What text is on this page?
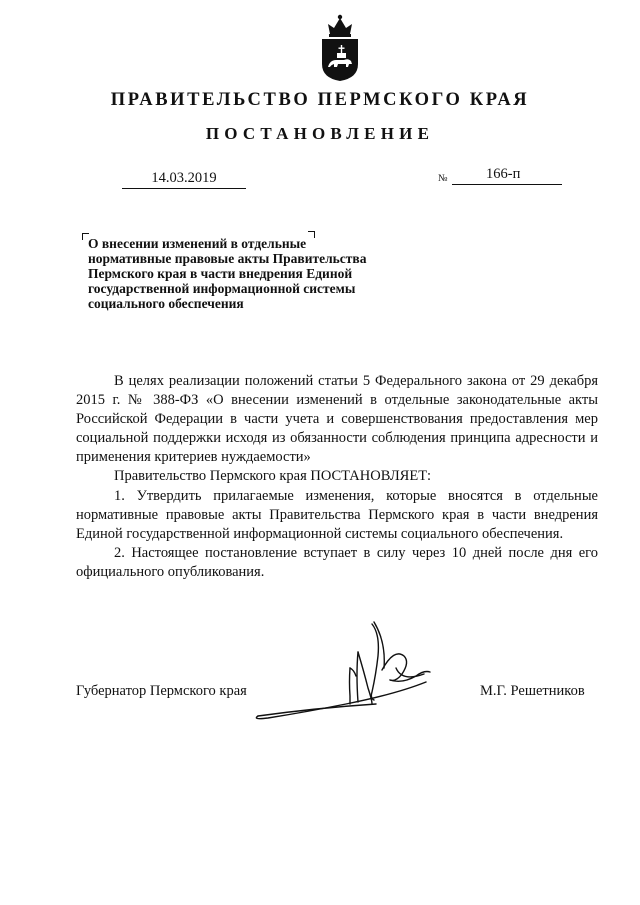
ПРАВИТЕЛЬСТВО ПЕРМСКОГО КРАЯ
ПОСТАНОВЛЕНИЕ
14.03.2019	№	166-п
О внесении изменений в отдельные нормативные правовые акты Правительства Пермского края в части внедрения Единой государственной информационной системы социального обеспечения

В целях реализации положений статьи 5 Федерального закона от 29 декабря 2015 г. № 388-ФЗ «О внесении изменений в отдельные законодательные акты Российской Федерации в части учета и совершенствования предоставления мер социальной поддержки исходя из обязанности соблюдения принципа адресности и применения критериев нуждаемости»

Правительство Пермского края ПОСТАНОВЛЯЕТ:

1. Утвердить прилагаемые изменения, которые вносятся в отдельные нормативные правовые акты Правительства Пермского края в части внедрения Единой государственной информационной системы социального обеспечения.

2. Настоящее постановление вступает в силу через 10 дней после дня его официального опубликования.

Губернатор Пермского края	М.Г. Решетников
